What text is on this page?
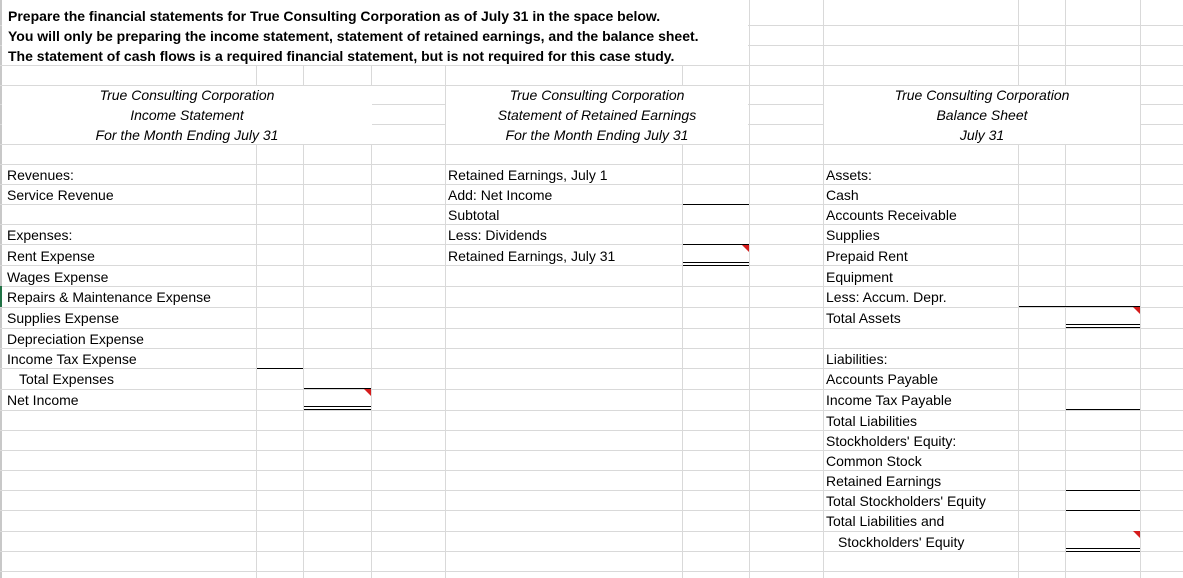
Prepare the financial statements for True Consulting Corporation as of July 31 in the space below.
You will only be preparing the income statement, statement of retained earnings, and the balance sheet.
The statement of cash flows is a required financial statement, but is not required for this case study.
True Consulting Corporation
Income Statement
For the Month Ending July 31
True Consulting Corporation
Statement of Retained Earnings
For the Month Ending July 31
True Consulting Corporation
Balance Sheet
July 31
Revenues:
Service Revenue
Expenses:
Rent Expense
Wages Expense
Repairs & Maintenance Expense
Supplies Expense
Depreciation Expense
Income Tax Expense
Total Expenses
Net Income
Retained Earnings, July 1
Add: Net Income
Subtotal
Less: Dividends
Retained Earnings, July 31
Assets:
Cash
Accounts Receivable
Supplies
Prepaid Rent
Equipment
Less: Accum. Depr.
Total Assets
Liabilities:
Accounts Payable
Income Tax Payable
Total Liabilities
Stockholders' Equity:
Common Stock
Retained Earnings
Total Stockholders' Equity
Total Liabilities and
Stockholders' Equity
